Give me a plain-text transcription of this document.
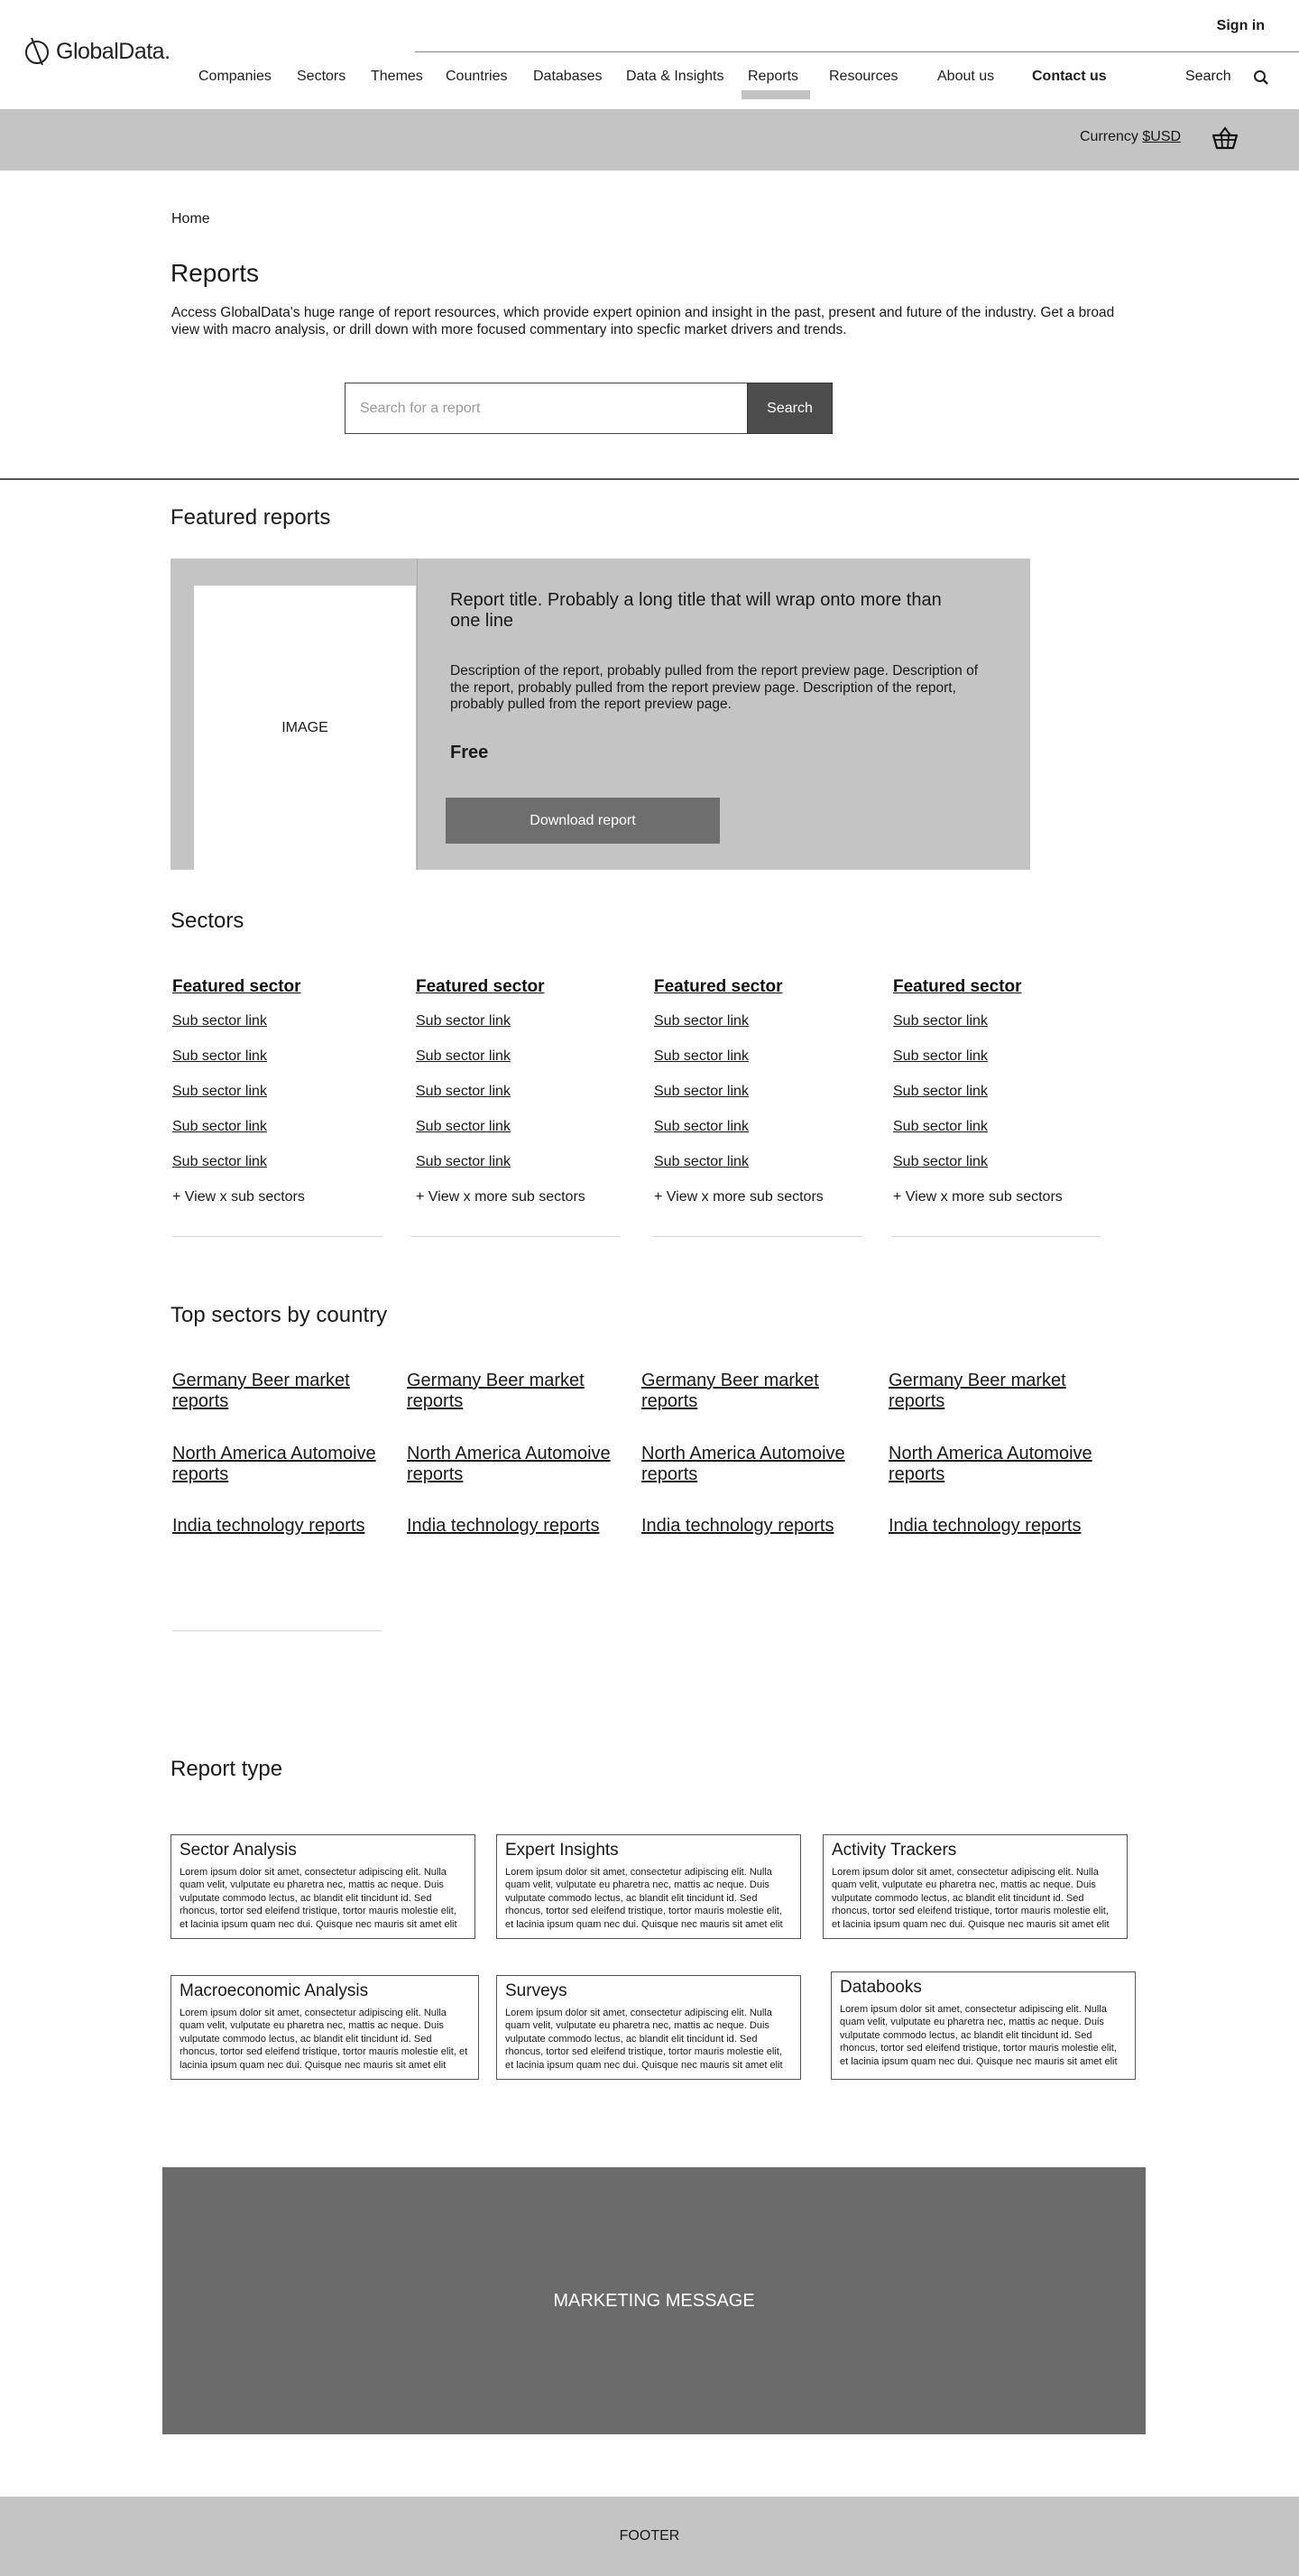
GlobalData.
Sign in
Companies Sectors Themes Countries Databases Data & Insights Reports Resources	About us	Contact us	Search
Currency $USD
Home
Reports

Access GlobalData's huge range of report resources, which provide expert opinion and insight in the past, present and future of the industry. Get a broad view with macro analysis, or drill down with more focused commentary into specfic market drivers and trends.

Search for a report
Search
Featured reports
IMAGE
Report title. Probably a long title that will wrap onto more than one line
Description of the report, probably pulled from the report preview page. Description of the report, probably pulled from the report preview page. Description of the report, probably pulled from the report preview page.
Free
Download report
Sectors
Featured sector
Sub sector link
Sub sector link
Sub sector link
Sub sector link
Sub sector link
+ View x sub sectors
Featured sector
Sub sector link
Sub sector link
Sub sector link
Sub sector link
Sub sector link
+ View x more sub sectors
Featured sector
Sub sector link
Sub sector link
Sub sector link
Sub sector link
Sub sector link
+ View x more sub sectors
Featured sector
Sub sector link
Sub sector link
Sub sector link
Sub sector link
Sub sector link
+ View x more sub sectors
Top sectors by country
Germany Beer market reports
North America Automoive reports
India technology reports
Germany Beer market reports
North America Automoive reports
India technology reports
Germany Beer market reports
North America Automoive reports
India technology reports
Germany Beer market reports
North America Automoive reports
India technology reports
Report type
Sector Analysis
Lorem ipsum dolor sit amet, consectetur adipiscing elit. Nulla quam velit, vulputate eu pharetra nec, mattis ac neque. Duis vulputate commodo lectus, ac blandit elit tincidunt id. Sed rhoncus, tortor sed eleifend tristique, tortor mauris molestie elit, et lacinia ipsum quam nec dui. Quisque nec mauris sit amet elit
Expert Insights
Lorem ipsum dolor sit amet, consectetur adipiscing elit. Nulla quam velit, vulputate eu pharetra nec, mattis ac neque. Duis vulputate commodo lectus, ac blandit elit tincidunt id. Sed rhoncus, tortor sed eleifend tristique, tortor mauris molestie elit, et lacinia ipsum quam nec dui. Quisque nec mauris sit amet elit
Activity Trackers
Lorem ipsum dolor sit amet, consectetur adipiscing elit. Nulla quam velit, vulputate eu pharetra nec, mattis ac neque. Duis vulputate commodo lectus, ac blandit elit tincidunt id. Sed rhoncus, tortor sed eleifend tristique, tortor mauris molestie elit, et lacinia ipsum quam nec dui. Quisque nec mauris sit amet elit
Macroeconomic Analysis
Lorem ipsum dolor sit amet, consectetur adipiscing elit. Nulla quam velit, vulputate eu pharetra nec, mattis ac neque. Duis vulputate commodo lectus, ac blandit elit tincidunt id. Sed rhoncus, tortor sed eleifend tristique, tortor mauris molestie elit, et lacinia ipsum quam nec dui. Quisque nec mauris sit amet elit
Surveys
Lorem ipsum dolor sit amet, consectetur adipiscing elit. Nulla quam velit, vulputate eu pharetra nec, mattis ac neque. Duis vulputate commodo lectus, ac blandit elit tincidunt id. Sed rhoncus, tortor sed eleifend tristique, tortor mauris molestie elit, et lacinia ipsum quam nec dui. Quisque nec mauris sit amet elit
Databooks
Lorem ipsum dolor sit amet, consectetur adipiscing elit. Nulla quam velit, vulputate eu pharetra nec, mattis ac neque. Duis vulputate commodo lectus, ac blandit elit tincidunt id. Sed rhoncus, tortor sed eleifend tristique, tortor mauris molestie elit, et lacinia ipsum quam nec dui. Quisque nec mauris sit amet elit
MARKETING MESSAGE
FOOTER
